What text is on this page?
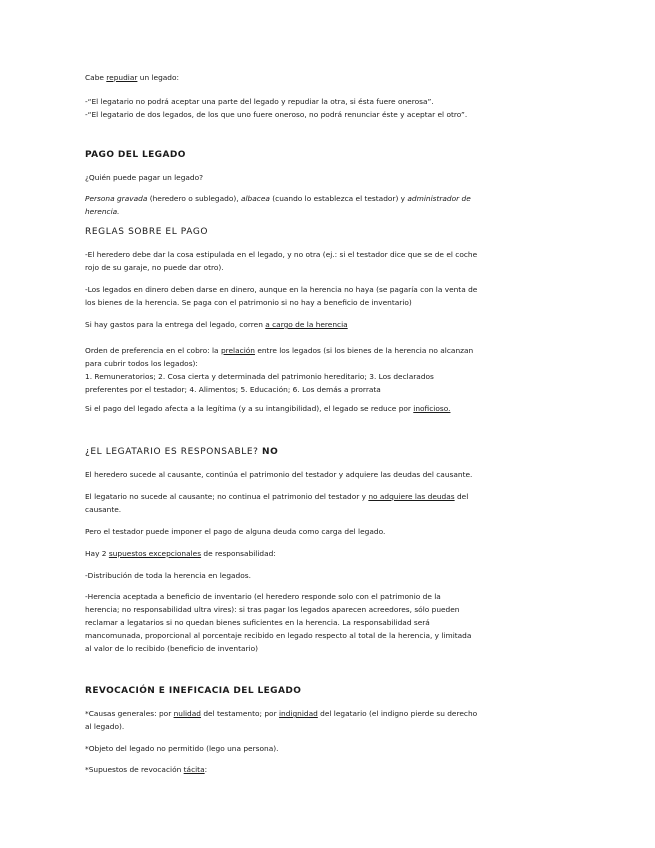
Cabe repudiar un legado:
-“El legatario no podrá aceptar una parte del legado y repudiar la otra, si ésta fuere onerosa”.
-“El legatario de dos legados, de los que uno fuere oneroso, no podrá renunciar éste y aceptar el otro”.
PAGO DEL LEGADO
¿Quién puede pagar un legado?
Persona gravada (heredero o sublegado), albacea (cuando lo establezca el testador) y administrador de
herencia.
REGLAS SOBRE EL PAGO
-El heredero debe dar la cosa estipulada en el legado, y no otra (ej.: si el testador dice que se de el coche
rojo de su garaje, no puede dar otro).
-Los legados en dinero deben darse en dinero, aunque en la herencia no haya (se pagaría con la venta de
los bienes de la herencia. Se paga con el patrimonio si no hay a beneficio de inventario)
Si hay gastos para la entrega del legado, corren a cargo de la herencia
Orden de preferencia en el cobro: la prelación entre los legados (si los bienes de la herencia no alcanzan
para cubrir todos los legados):
1. Remuneratorios; 2. Cosa cierta y determinada del patrimonio hereditario; 3. Los declarados
preferentes por el testador; 4. Alimentos; 5. Educación; 6. Los demás a prorrata
Si el pago del legado afecta a la legítima (y a su intangibilidad), el legado se reduce por inoficioso.
¿EL LEGATARIO ES RESPONSABLE? NO
El heredero sucede al causante, continúa el patrimonio del testador y adquiere las deudas del causante.
El legatario no sucede al causante; no continua el patrimonio del testador y no adquiere las deudas del
causante.
Pero el testador puede imponer el pago de alguna deuda como carga del legado.
Hay 2 supuestos excepcionales de responsabilidad:
-Distribución de toda la herencia en legados.
-Herencia aceptada a beneficio de inventario (el heredero responde solo con el patrimonio de la
herencia; no responsabilidad ultra vires): si tras pagar los legados aparecen acreedores, sólo pueden
reclamar a legatarios si no quedan bienes suficientes en la herencia. La responsabilidad será
mancomunada, proporcional al porcentaje recibido en legado respecto al total de la herencia, y limitada
al valor de lo recibido (beneficio de inventario)
REVOCACIÓN E INEFICACIA DEL LEGADO
*Causas generales: por nulidad del testamento; por indignidad del legatario (el indigno pierde su derecho
al legado).
*Objeto del legado no permitido (lego una persona).
*Supuestos de revocación tácita:
